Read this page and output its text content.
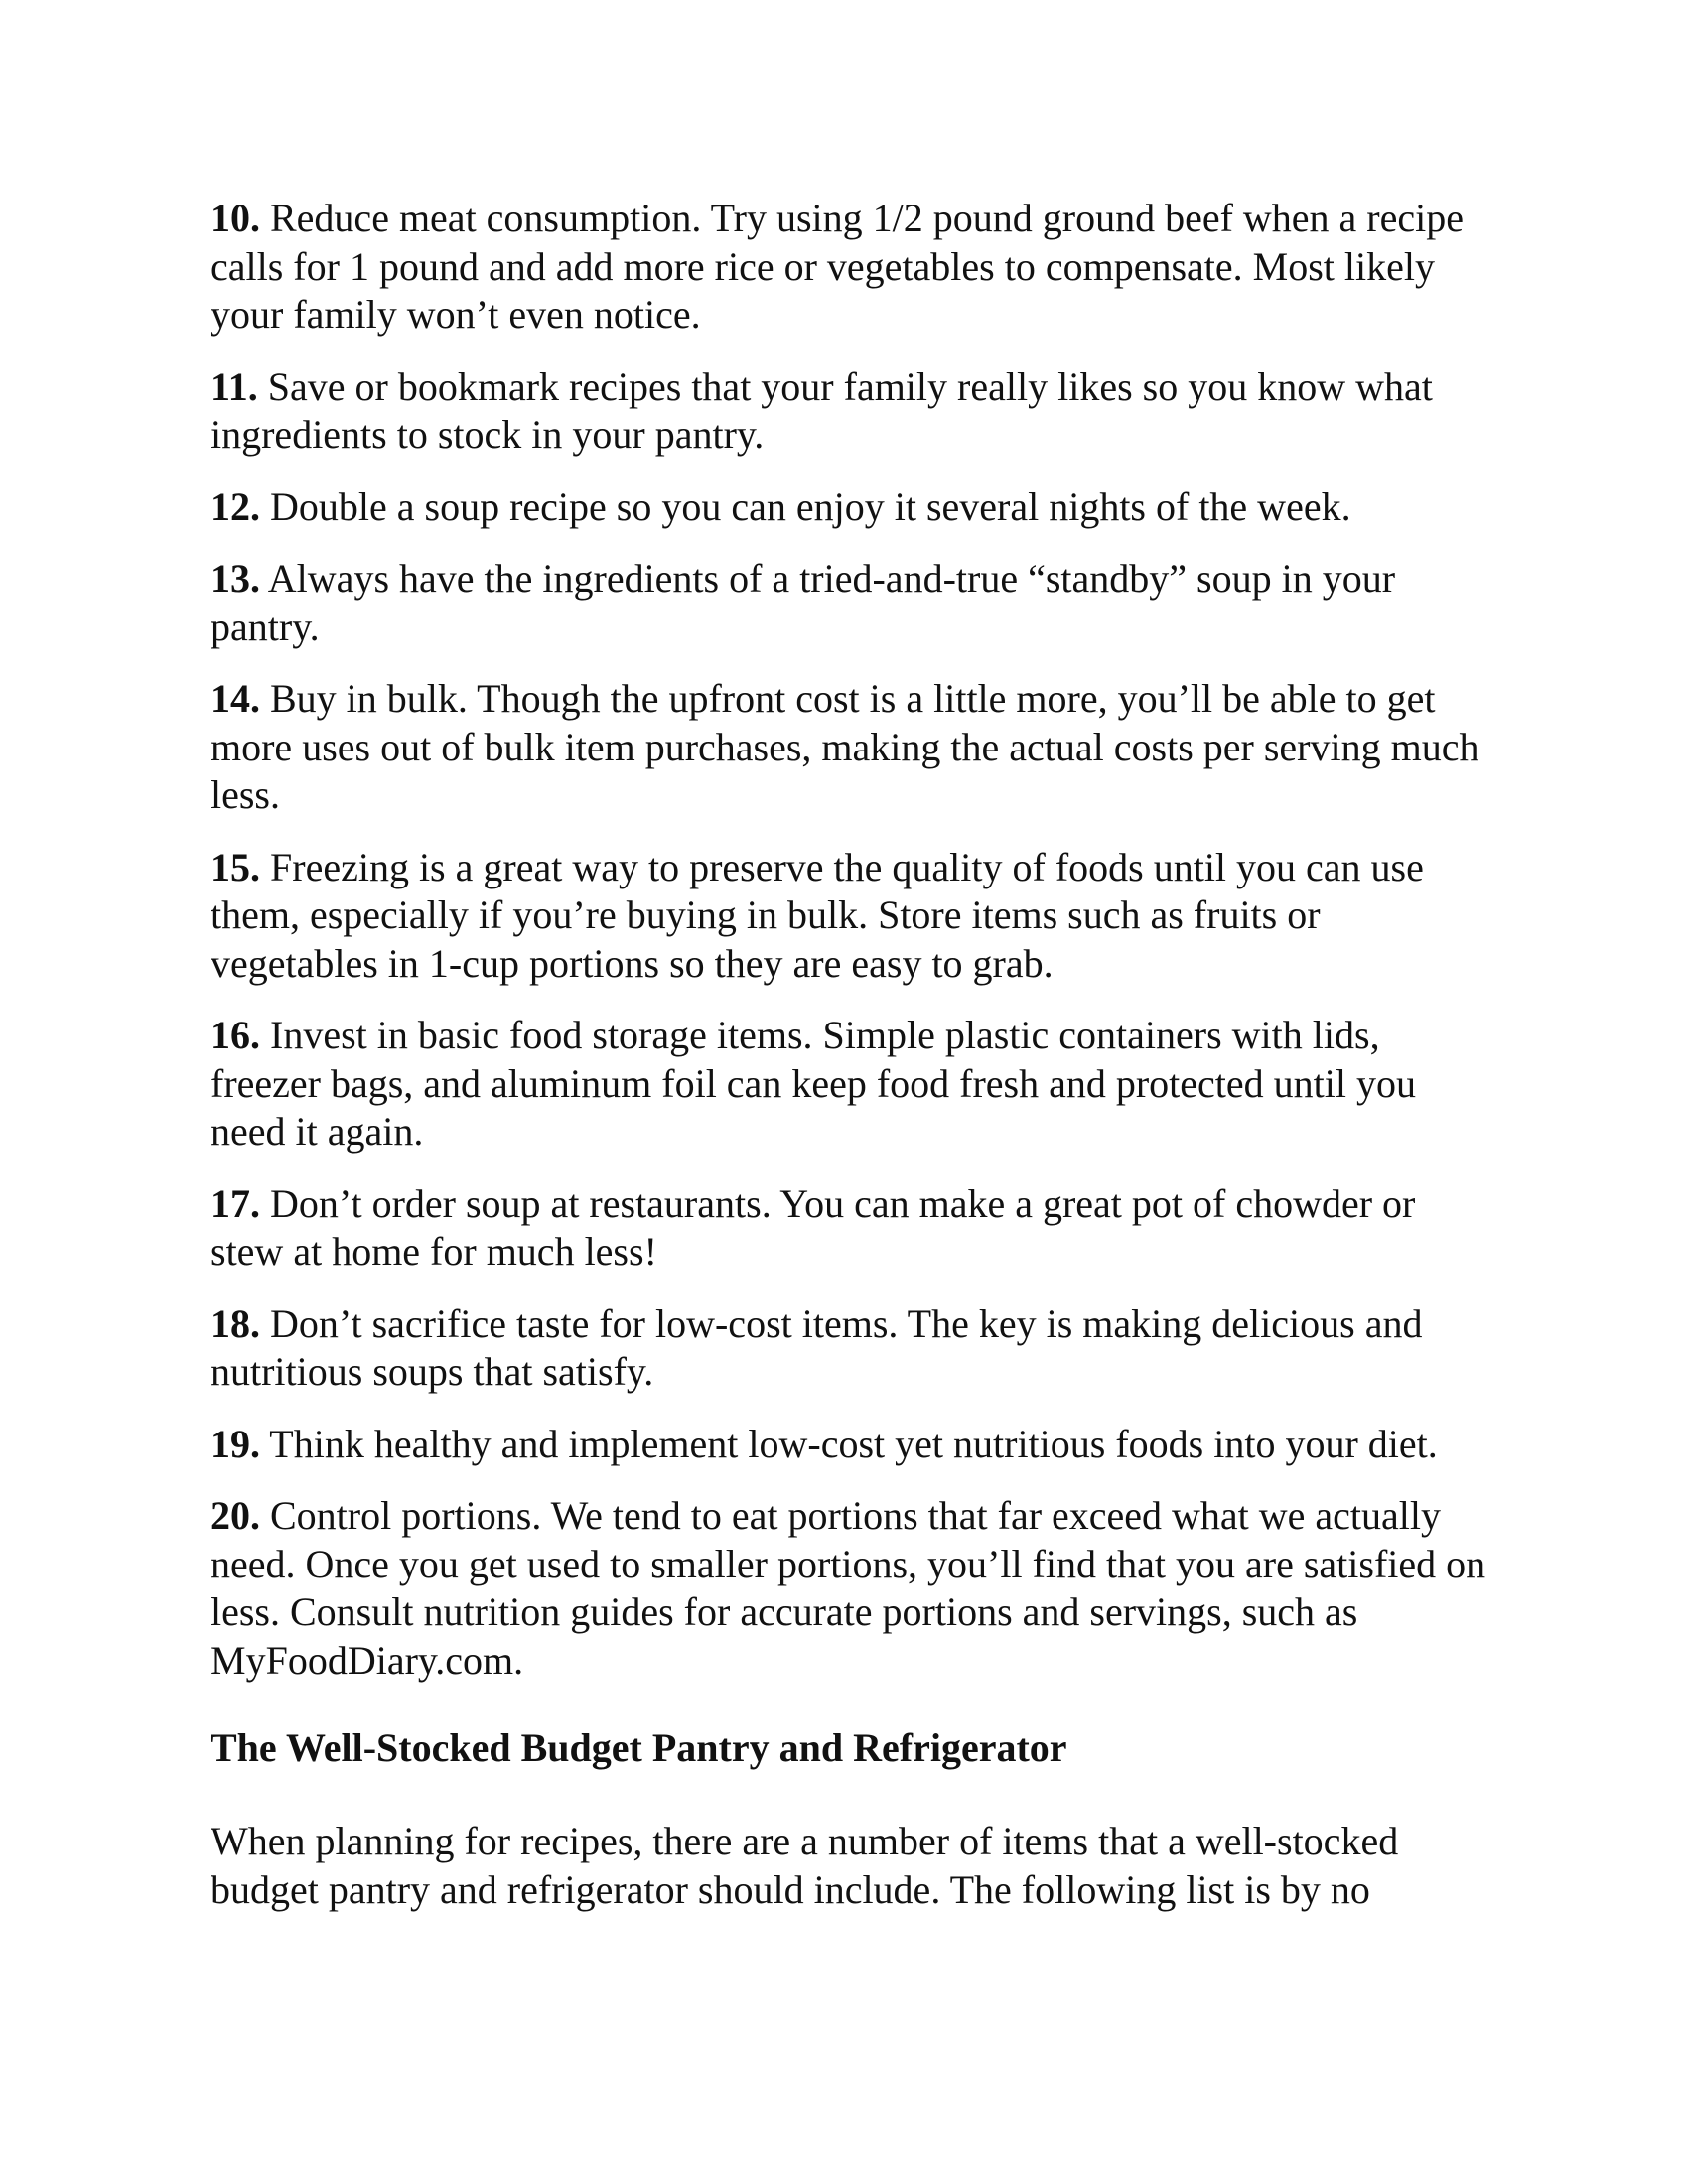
10. Reduce meat consumption. Try using 1/2 pound ground beef when a recipe calls for 1 pound and add more rice or vegetables to compensate. Most likely your family won’t even notice.

11. Save or bookmark recipes that your family really likes so you know what ingredients to stock in your pantry.

12. Double a soup recipe so you can enjoy it several nights of the week.

13. Always have the ingredients of a tried-and-true “standby” soup in your pantry.

14. Buy in bulk. Though the upfront cost is a little more, you’ll be able to get more uses out of bulk item purchases, making the actual costs per serving much less.

15. Freezing is a great way to preserve the quality of foods until you can use them, especially if you’re buying in bulk. Store items such as fruits or vegetables in 1-cup portions so they are easy to grab.

16. Invest in basic food storage items. Simple plastic containers with lids, freezer bags, and aluminum foil can keep food fresh and protected until you need it again.

17. Don’t order soup at restaurants. You can make a great pot of chowder or stew at home for much less!

18. Don’t sacrifice taste for low-cost items. The key is making delicious and nutritious soups that satisfy.

19. Think healthy and implement low-cost yet nutritious foods into your diet.

20. Control portions. We tend to eat portions that far exceed what we actually need. Once you get used to smaller portions, you’ll find that you are satisfied on less. Consult nutrition guides for accurate portions and servings, such as MyFoodDiary.com.

The Well-Stocked Budget Pantry and Refrigerator

When planning for recipes, there are a number of items that a well-stocked budget pantry and refrigerator should include. The following list is by no
